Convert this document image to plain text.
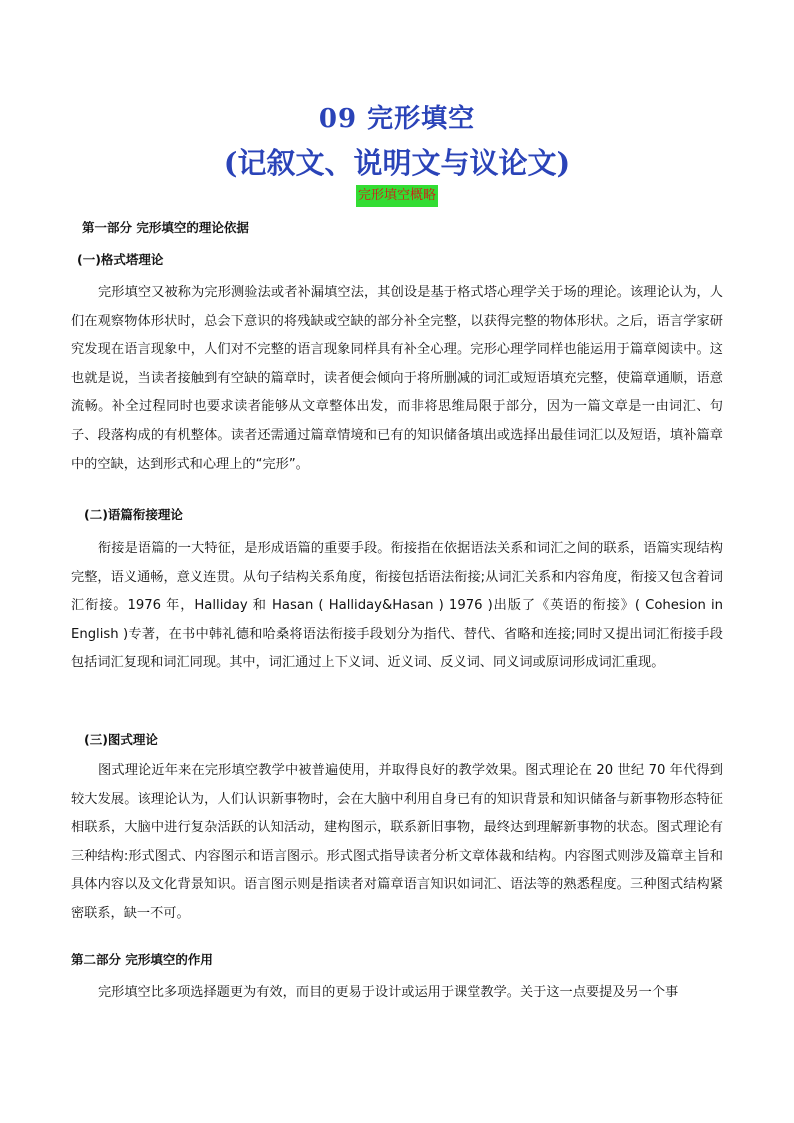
09 完形填空
(记叙文、说明文与议论文)
完形填空概略
第一部分 完形填空的理论依据
(一)格式塔理论
完形填空又被称为完形测验法或者补漏填空法，其创设是基于格式塔心理学关于场的理论。该理论认为，人们在观察物体形状时，总会下意识的将残缺或空缺的部分补全完整，以获得完整的物体形状。之后，语言学家研究发现在语言现象中，人们对不完整的语言现象同样具有补全心理。完形心理学同样也能运用于篇章阅读中。这也就是说，当读者接触到有空缺的篇章时，读者便会倾向于将所删减的词汇或短语填充完整，使篇章通顺，语意流畅。补全过程同时也要求读者能够从文章整体出发，而非将思维局限于部分，因为一篇文章是一由词汇、句子、段落构成的有机整体。读者还需通过篇章情境和已有的知识储备填出或选择出最佳词汇以及短语，填补篇章中的空缺，达到形式和心理上的“完形”。
(二)语篇衔接理论
衔接是语篇的一大特征，是形成语篇的重要手段。衔接指在依据语法关系和词汇之间的联系，语篇实现结构完整，语义通畅，意义连贯。从句子结构关系角度，衔接包括语法衔接;从词汇关系和内容角度，衔接又包含着词汇衔接。1976 年，Halliday 和 Hasan ( Halliday&Hasan ) 1976 )出版了《英语的衔接》( Cohesion in English )专著，在书中韩礼德和哈桑将语法衔接手段划分为指代、替代、省略和连接;同时又提出词汇衔接手段包括词汇复现和词汇同现。其中，词汇通过上下义词、近义词、反义词、同义词或原词形成词汇重现。
(三)图式理论
图式理论近年来在完形填空教学中被普遍使用，并取得良好的教学效果。图式理论在 20 世纪 70 年代得到较大发展。该理论认为，人们认识新事物时，会在大脑中利用自身已有的知识背景和知识储备与新事物形态特征相联系，大脑中进行复杂活跃的认知活动，建构图示，联系新旧事物，最终达到理解新事物的状态。图式理论有三种结构:形式图式、内容图示和语言图示。形式图式指导读者分析文章体裁和结构。内容图式则涉及篇章主旨和具体内容以及文化背景知识。语言图示则是指读者对篇章语言知识如词汇、语法等的熟悉程度。三种图式结构紧密联系，缺一不可。
第二部分 完形填空的作用
完形填空比多项选择题更为有效，而目的更易于设计或运用于课堂教学。关于这一点要提及另一个事
